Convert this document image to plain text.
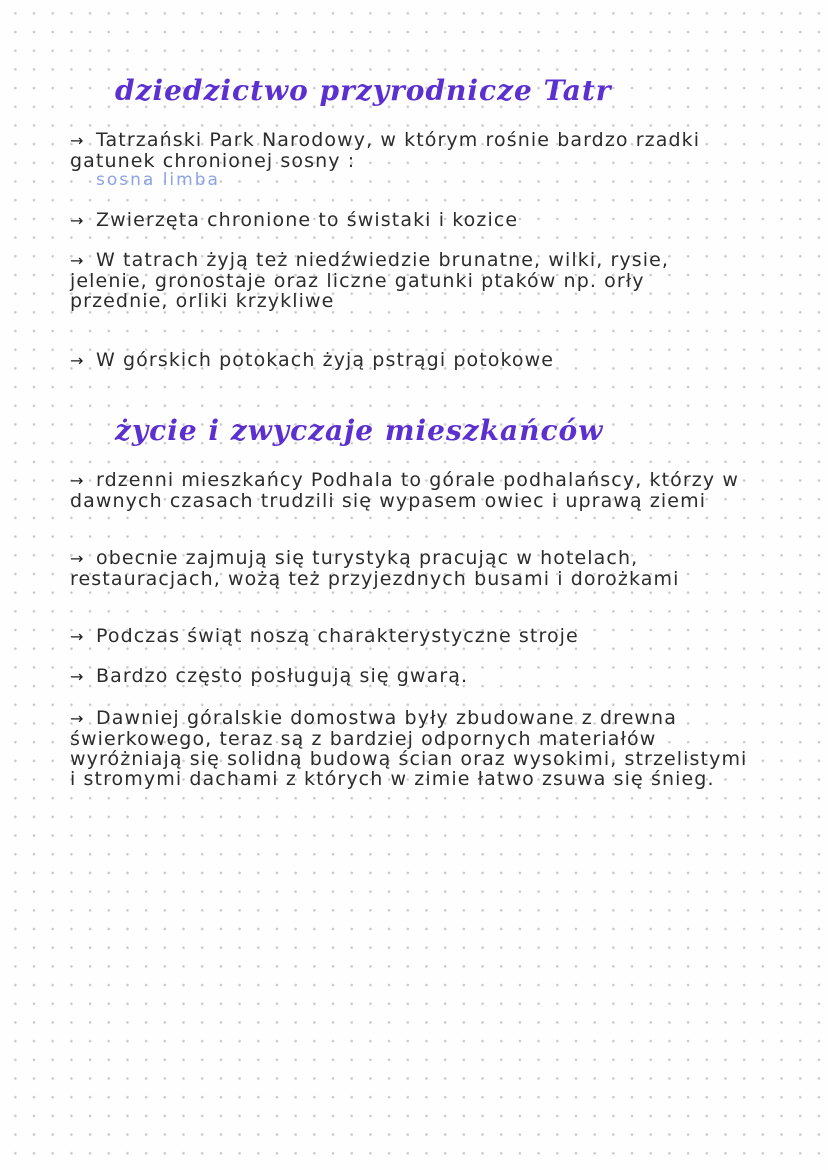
dziedzictwo przyrodnicze Tatr
→ Tatrzański Park Narodowy, w którym rośnie bardzo rzadki gatunek chronionej sosny :
sosna limba
→ Zwierzęta chronione to świstaki i kozice
→ W tatrach żyją też niedźwiedzie brunatne, wilki, rysie, jelenie, gronostaje oraz liczne gatunki ptaków np. orły przednie, orliki krzykliwe
→ W górskich potokach żyją pstrągi potokowe
życie i zwyczaje mieszkańców
→ rdzenni mieszkańcy Podhala to górale podhalańscy, którzy w dawnych czasach trudzili się wypasem owiec i uprawą ziemi
→ obecnie zajmują się turystyką pracując w hotelach, restauracjach, wożą też przyjezdnych busami i dorożkami
→ Podczas świąt noszą charakterystyczne stroje
→ Bardzo często posługują się gwarą.
→ Dawniej góralskie domostwa były zbudowane z drewna świerkowego, teraz są z bardziej odpornych materiałów wyróżniają się solidną budową ścian oraz wysokimi, strzelistymi i stromymi dachami z których w zimie łatwo zsuwa się śnieg.
